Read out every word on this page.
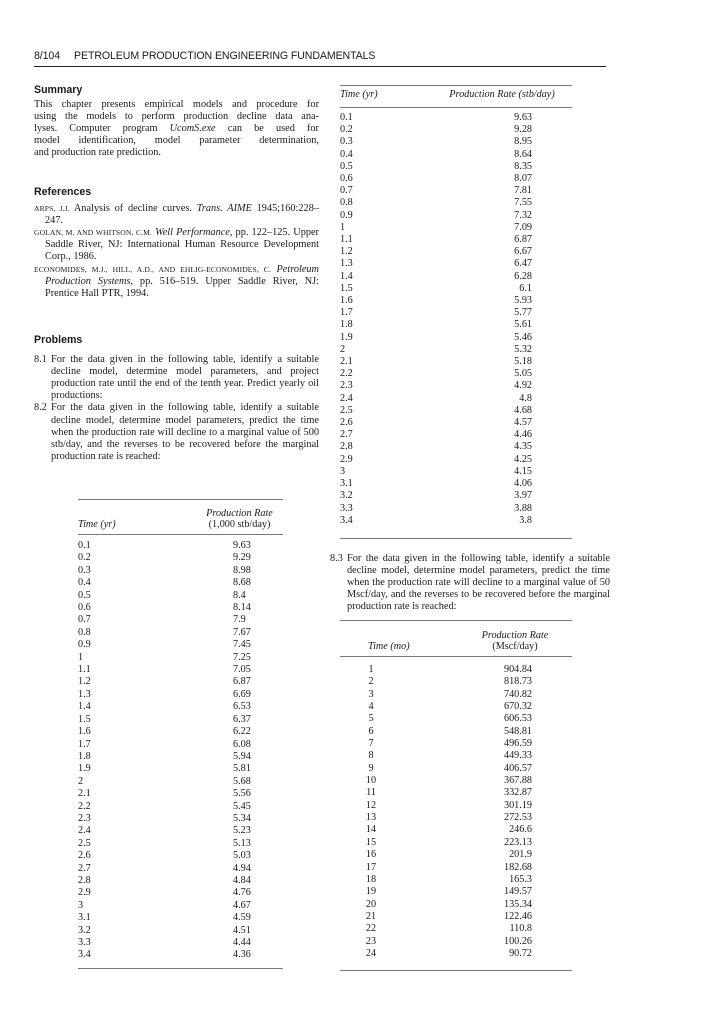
8/104 PETROLEUM PRODUCTION ENGINEERING FUNDAMENTALS
Summary
This chapter presents empirical models and procedure for
using the models to perform production decline data ana-
lyses. Computer program UcomS.exe can be used for
model identification, model parameter determination,
and production rate prediction.
References

ARPS, J.J. Analysis of decline curves. Trans. AIME 1945;160:228–247.

GOLAN, M. AND WHITSON, C.M. Well Performance, pp. 122–125. Upper Saddle River, NJ: International Human Resource Development Corp., 1986.

ECONOMIDES, M.J., HILL, A.D., AND EHLIG-ECONOMIDES, C. Petroleum Production Systems, pp. 516–519. Upper Saddle River, NJ: Prentice Hall PTR, 1994.

Problems

8.1 For the data given in the following table, identify a suitable decline model, determine model parameters, and project production rate until the end of the tenth year. Predict yearly oil productions:

8.2 For the data given in the following table, identify a suitable decline model, determine model parameters, predict the time when the production rate will decline to a marginal value of 500 stb/day, and the reverses to be recovered before the marginal production rate is reached:

	Production Rate
Time (yr)	(1,000 stb/day)
0.1	9.63
0.2	9.29
0.3	8.98
0.4	8.68
0.5	8.4
0.6	8.14
0.7	7.9
0.8	7.67
0.9	7.45
1	7.25
1.1	7.05
1.2	6.87
1.3	6.69
1.4	6.53
1.5	6.37
1.6	6.22
1.7	6.08
1.8	5.94
1.9	5.81
2	5.68
2.1	5.56
2.2	5.45
2.3	5.34
2.4	5.23
2.5	5.13
2.6	5.03
2.7	4.94
2.8	4.84
2.9	4.76
3	4.67
3.1	4.59
3.2	4.51
3.3	4.44
3.4	4.36
Time (yr)	Production Rate (stb/day)
0.1	9.63
0.2	9.28
0.3	8.95
0.4	8.64
0.5	8.35
0.6	8.07
0.7	7.81
0.8	7.55
0.9	7.32
1	7.09
1.1	6.87
1.2	6.67
1.3	6.47
1.4	6.28
1.5	6.1
1.6	5.93
1.7	5.77
1.8	5.61
1.9	5.46
2	5.32
2.1	5.18
2.2	5.05
2.3	4.92
2.4	4.8
2.5	4.68
2.6	4.57
2.7	4.46
2.8	4.35
2.9	4.25
3	4.15
3.1	4.06
3.2	3.97
3.3	3.88
3.4	3.8

8.3 For the data given in the following table, identify a suitable decline model, determine model parameters, predict the time when the production rate will decline to a marginal value of 50 Mscf/day, and the reverses to be recovered before the marginal production rate is reached:

	Production Rate
Time (mo)	(Mscf/day)
1	904.84
2	818.73
3	740.82
4	670.32
5	606.53
6	548.81
7	496.59
8	449.33
9	406.57
10	367.88
11	332.87
12	301.19
13	272.53
14	246.6
15	223.13
16	201.9
17	182.68
18	165.3
19	149.57
20	135.34
21	122.46
22	110.8
23	100.26
24	90.72
